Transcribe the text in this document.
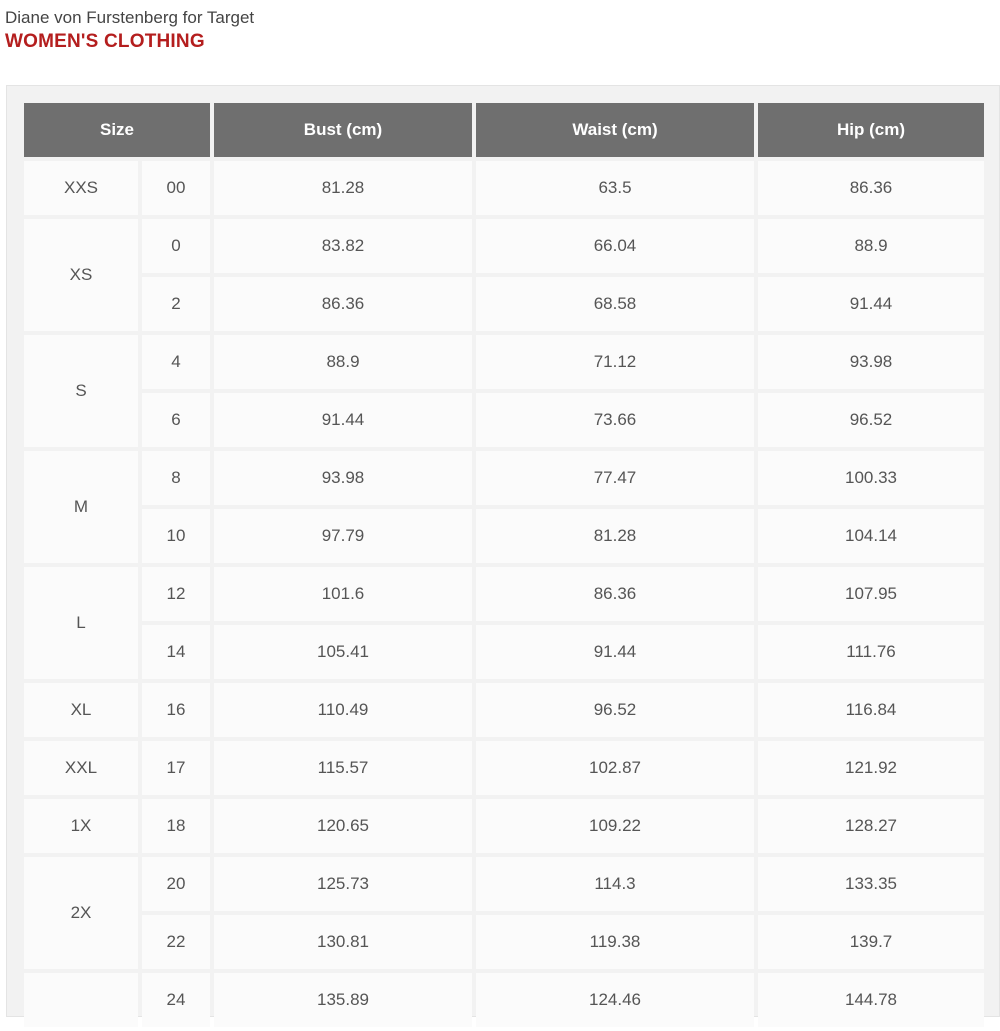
Diane von Furstenberg for Target
WOMEN'S CLOTHING
Size		Bust (cm)	Waist (cm)	Hip (cm)
XXS	00	81.28	63.5	86.36
XS	0	83.82	66.04	88.9
	2	86.36	68.58	91.44
S	4	88.9	71.12	93.98
	6	91.44	73.66	96.52
M	8	93.98	77.47	100.33
	10	97.79	81.28	104.14
L	12	101.6	86.36	107.95
	14	105.41	91.44	111.76
XL	16	110.49	96.52	116.84
XXL	17	115.57	102.87	121.92
1X	18	120.65	109.22	128.27
2X	20	125.73	114.3	133.35
	22	130.81	119.38	139.7
	24	135.89	124.46	144.78
